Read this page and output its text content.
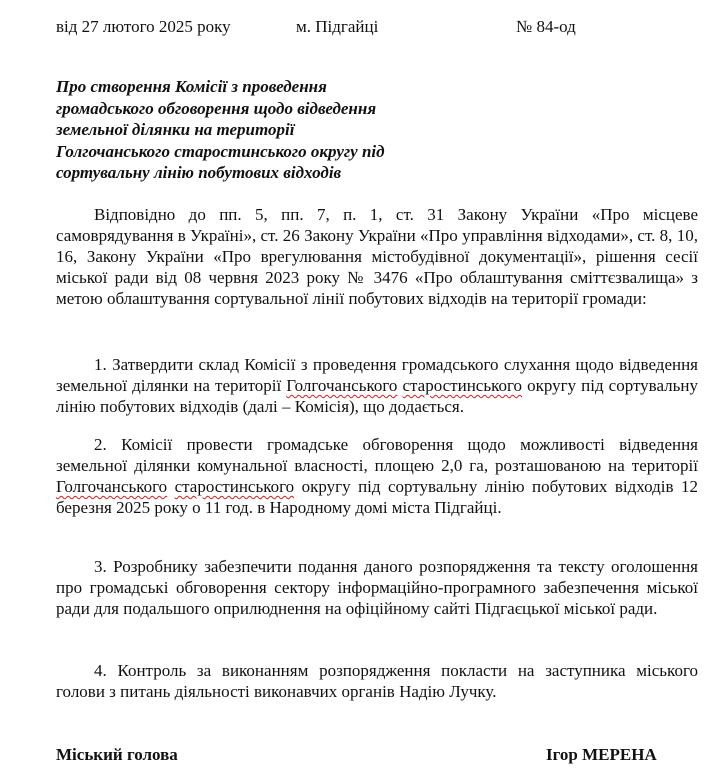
від 27 лютого 2025 року	м. Підгайці	№ 84-од
Про створення Комісії з проведення
громадського обговорення щодо відведення
земельної ділянки на території
Голгочанського старостинського округу під
сортувальну лінію побутових відходів
Відповідно до пп. 5, пп. 7, п. 1, ст. 31 Закону України «Про місцеве самоврядування в Україні», ст. 26 Закону України «Про управління відходами», ст. 8, 10, 16, Закону України «Про врегулювання містобудівної документації», рішення сесії міської ради від 08 червня 2023 року № 3476 «Про облаштування сміттєзвалища» з метою облаштування сортувальної лінії побутових відходів на території громади:
1. Затвердити склад Комісії з проведення громадського слухання щодо відведення земельної ділянки на території Голгочанського старостинського округу під сортувальну лінію побутових відходів (далі – Комісія), що додається.
2. Комісії провести громадське обговорення щодо можливості відведення земельної ділянки комунальної власності, площею 2,0 га, розташованою на території Голгочанського старостинського округу під сортувальну лінію побутових відходів 12 березня 2025 року о 11 год. в Народному домі міста Підгайці.
3. Розробнику забезпечити подання даного розпорядження та тексту оголошення про громадські обговорення сектору інформаційно-програмного забезпечення міської ради для подальшого оприлюднення на офіційному сайті Підгаєцької міської ради.
4. Контроль за виконанням розпорядження покласти на заступника міського голови з питань діяльності виконавчих органів Надію Лучку.
Міський голова	Ігор МЕРЕНА
